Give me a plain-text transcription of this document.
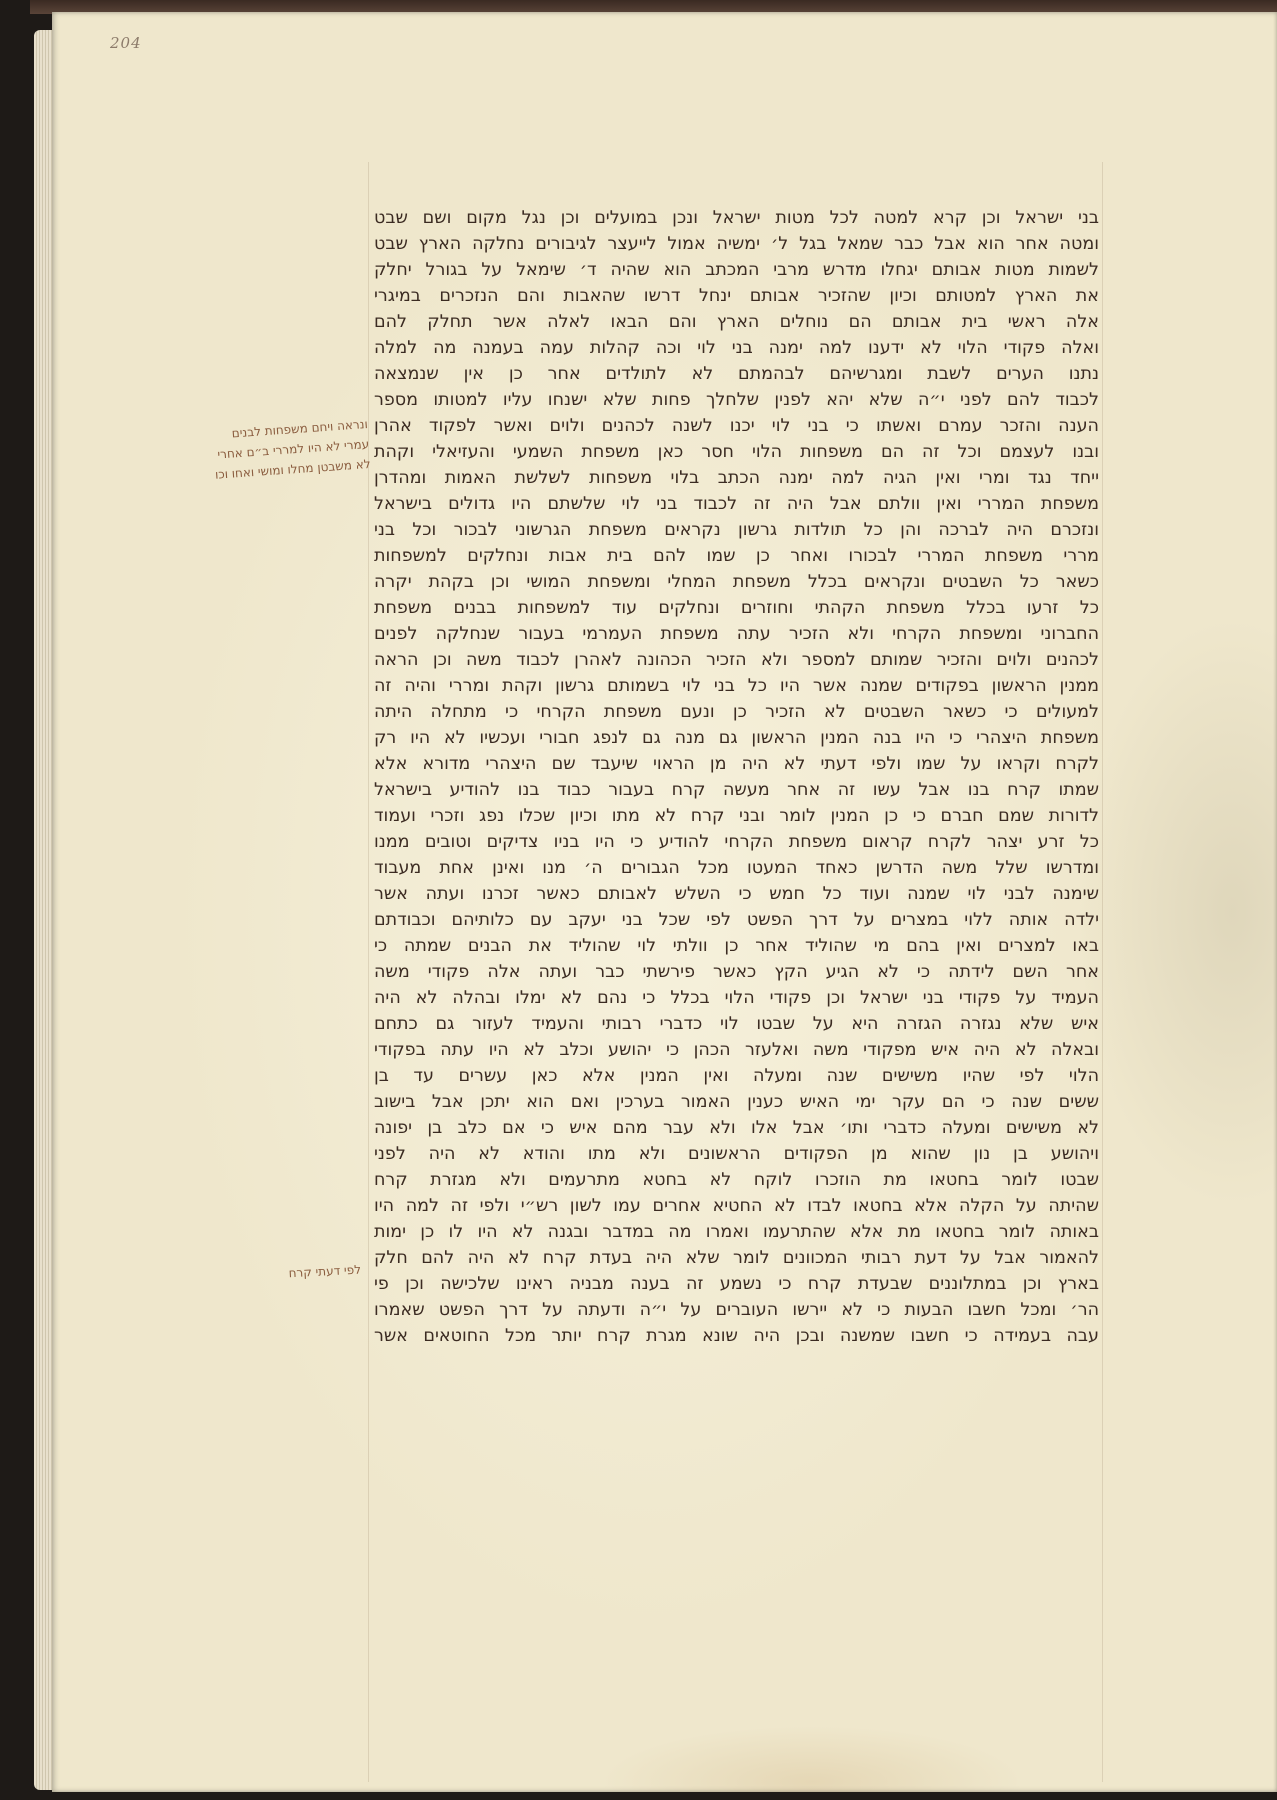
204
ונראה ויחם משפחות לבנים
עמרי לא היו למררי ב״ם אחרי
לא משבטן מחלו ומושי ואחו וכו
לפי דעתי קרח
בני ישראל וכן קרא למטה לכל מטות ישראל ונכן במועלים וכן נגל מקום ושם שבט
ומטה אחר הוא אבל כבר שמאל בגל ל׳ ימשיה אמול לייעצר לגיבורים נחלקה הארץ שבט
לשמות מטות אבותם יגחלו מדרש מרבי המכתב הוא שהיה ד׳ שימאל על בגורל יחלק
את הארץ למטותם וכיון שהזכיר אבותם ינחל דרשו שהאבות והם הנזכרים במיגרי
אלה ראשי בית אבותם הם נוחלים הארץ והם הבאו לאלה אשר תחלק להם
ואלה פקודי הלוי לא ידענו למה ימנה בני לוי וכה קהלות עמה בעמנה מה למלה
נתנו הערים לשבת ומגרשיהם לבהמתם לא לתולדים אחר כן אין שנמצאה
לכבוד להם לפני י״ה שלא יהא לפנין שלחלך פחות שלא ישנחו עליו למטותו מספר
הענה והזכר עמרם ואשתו כי בני לוי יכנו לשנה לכהנים ולוים ואשר לפקוד אהרן
ובנו לעצמם וכל זה הם משפחות הלוי חסר כאן משפחת השמעי והעזיאלי וקהת
ייחד נגד ומרי ואין הגיה למה ימנה הכתב בלוי משפחות לשלשת האמות ומהדרן
משפחת המררי ואין וולתם אבל היה זה לכבוד בני לוי שלשתם היו גדולים בישראל
ונזכרם היה לברכה והן כל תולדות גרשון נקראים משפחת הגרשוני לבכור וכל בני
מררי משפחת המררי לבכורו ואחר כן שמו להם בית אבות ונחלקים למשפחות
כשאר כל השבטים ונקראים בכלל משפחת המחלי ומשפחת המושי וכן בקהת יקרה
כל זרעו בכלל משפחת הקהתי וחוזרים ונחלקים עוד למשפחות בבנים משפחת
החברוני ומשפחת הקרחי ולא הזכיר עתה משפחת העמרמי בעבור שנחלקה לפנים
לכהנים ולוים והזכיר שמותם למספר ולא הזכיר הכהונה לאהרן לכבוד משה וכן הראה
ממנין הראשון בפקודים שמנה אשר היו כל בני לוי בשמותם גרשון וקהת ומררי והיה זה
למעולים כי כשאר השבטים לא הזכיר כן ונעם משפחת הקרחי כי מתחלה היתה
משפחת היצהרי כי היו בנה המנין הראשון גם מנה גם לנפג חבורי ועכשיו לא היו רק
לקרח וקראו על שמו ולפי דעתי לא היה מן הראוי שיעבד שם היצהרי מדורא אלא
שמתו קרח בנו אבל עשו זה אחר מעשה קרח בעבור כבוד בנו להודיע בישראל
לדורות שמם חברם כי כן המנין לומר ובני קרח לא מתו וכיון שכלו נפג וזכרי ועמוד
כל זרע יצהר לקרח קראום משפחת הקרחי להודיע כי היו בניו צדיקים וטובים ממנו
ומדרשו שלל משה הדרשן כאחד המעטו מכל הגבורים ה׳ מנו ואינן אחת מעבוד
שימנה לבני לוי שמנה ועוד כל חמש כי השלש לאבותם כאשר זכרנו ועתה אשר
ילדה אותה ללוי במצרים על דרך הפשט לפי שכל בני יעקב עם כלותיהם וכבודתם
באו למצרים ואין בהם מי שהוליד אחר כן וולתי לוי שהוליד את הבנים שמתה כי
אחר השם לידתה כי לא הגיע הקץ כאשר פירשתי כבר ועתה אלה פקודי משה
העמיד על פקודי בני ישראל וכן פקודי הלוי בכלל כי נהם לא ימלו ובהלה לא היה
איש שלא נגזרה הגזרה היא על שבטו לוי כדברי רבותי והעמיד לעזור גם כתחם
ובאלה לא היה איש מפקודי משה ואלעזר הכהן כי יהושע וכלב לא היו עתה בפקודי
הלוי לפי שהיו משישים שנה ומעלה ואין המנין אלא כאן עשרים עד בן
ששים שנה כי הם עקר ימי האיש כענין האמור בערכין ואם הוא יתכן אבל בישוב
לא משישים ומעלה כדברי ותו׳ אבל אלו ולא עבר מהם איש כי אם כלב בן יפונה
ויהושע בן נון שהוא מן הפקודים הראשונים ולא מתו והודא לא היה לפני
שבטו לומר בחטאו מת הוזכרו לוקח לא בחטא מתרעמים ולא מגזרת קרח
שהיתה על הקלה אלא בחטאו לבדו לא החטיא אחרים עמו לשון רש״י ולפי זה למה היו
באותה לומר בחטאו מת אלא שהתרעמו ואמרו מה במדבר ובגנה לא היו לו כן ימות
להאמור אבל על דעת רבותי המכוונים לומר שלא היה בעדת קרח לא היה להם חלק
בארץ וכן במתלוננים שבעדת קרח כי נשמע זה בענה מבניה ראינו שלכישה וכן פי
הר׳ ומכל חשבו הבעות כי לא יירשו העוברים על י״ה ודעתה על דרך הפשט שאמרו
עבה בעמידה כי חשבו שמשנה ובכן היה שונא מגרת קרח יותר מכל החוטאים אשר
